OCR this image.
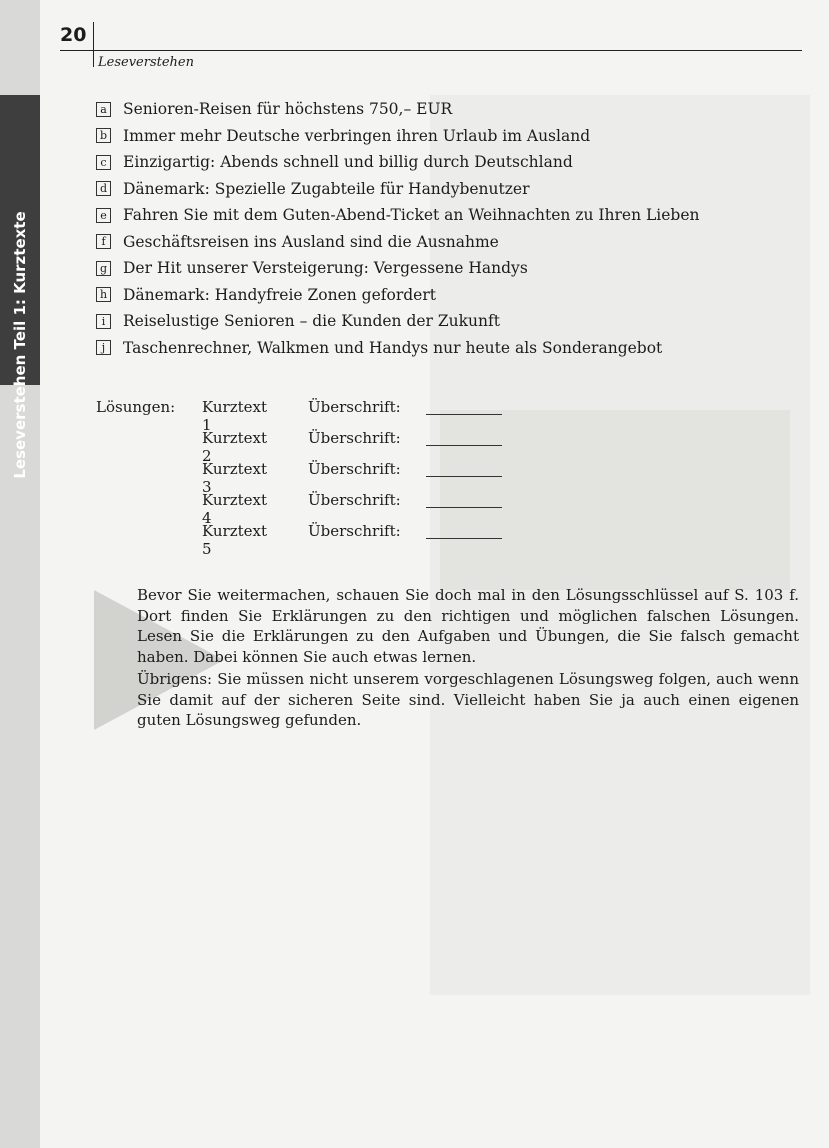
Leseverstehen Teil 1: Kurztexte
20
Leseverstehen
a Senioren-Reisen für höchstens 750,– EUR
b Immer mehr Deutsche verbringen ihren Urlaub im Ausland
c Einzigartig: Abends schnell und billig durch Deutschland
d Dänemark: Spezielle Zugabteile für Handybenutzer
e Fahren Sie mit dem Guten-Abend-Ticket an Weihnachten zu Ihren Lieben
f	Geschäftsreisen ins Ausland sind die Ausnahme
g Der Hit unserer Versteigerung: Vergessene Handys
h Dänemark: Handyfreie Zonen gefordert
i	Reiselustige Senioren – die Kunden der Zukunft
j	Taschenrechner, Walkmen und Handys nur heute als Sonderangebot
Lösungen: Kurztext 1
Überschrift:
Kurztext 2
Überschrift:
Kurztext 3
Überschrift:
Kurztext 4
Überschrift:
Kurztext 5
Überschrift:

Bevor Sie weitermachen, schauen Sie doch mal in den Lösungsschlüssel auf S. 103 f. Dort finden Sie Erklärungen zu den richtigen und möglichen falschen Lösungen. Lesen Sie die Erklärungen zu den Aufgaben und Übungen, die Sie falsch gemacht haben. Dabei können Sie auch etwas lernen.

Übrigens: Sie müssen nicht unserem vorgeschlagenen Lösungsweg folgen, auch wenn Sie damit auf der sicheren Seite sind. Vielleicht haben Sie ja auch einen eigenen guten Lösungsweg gefunden.
